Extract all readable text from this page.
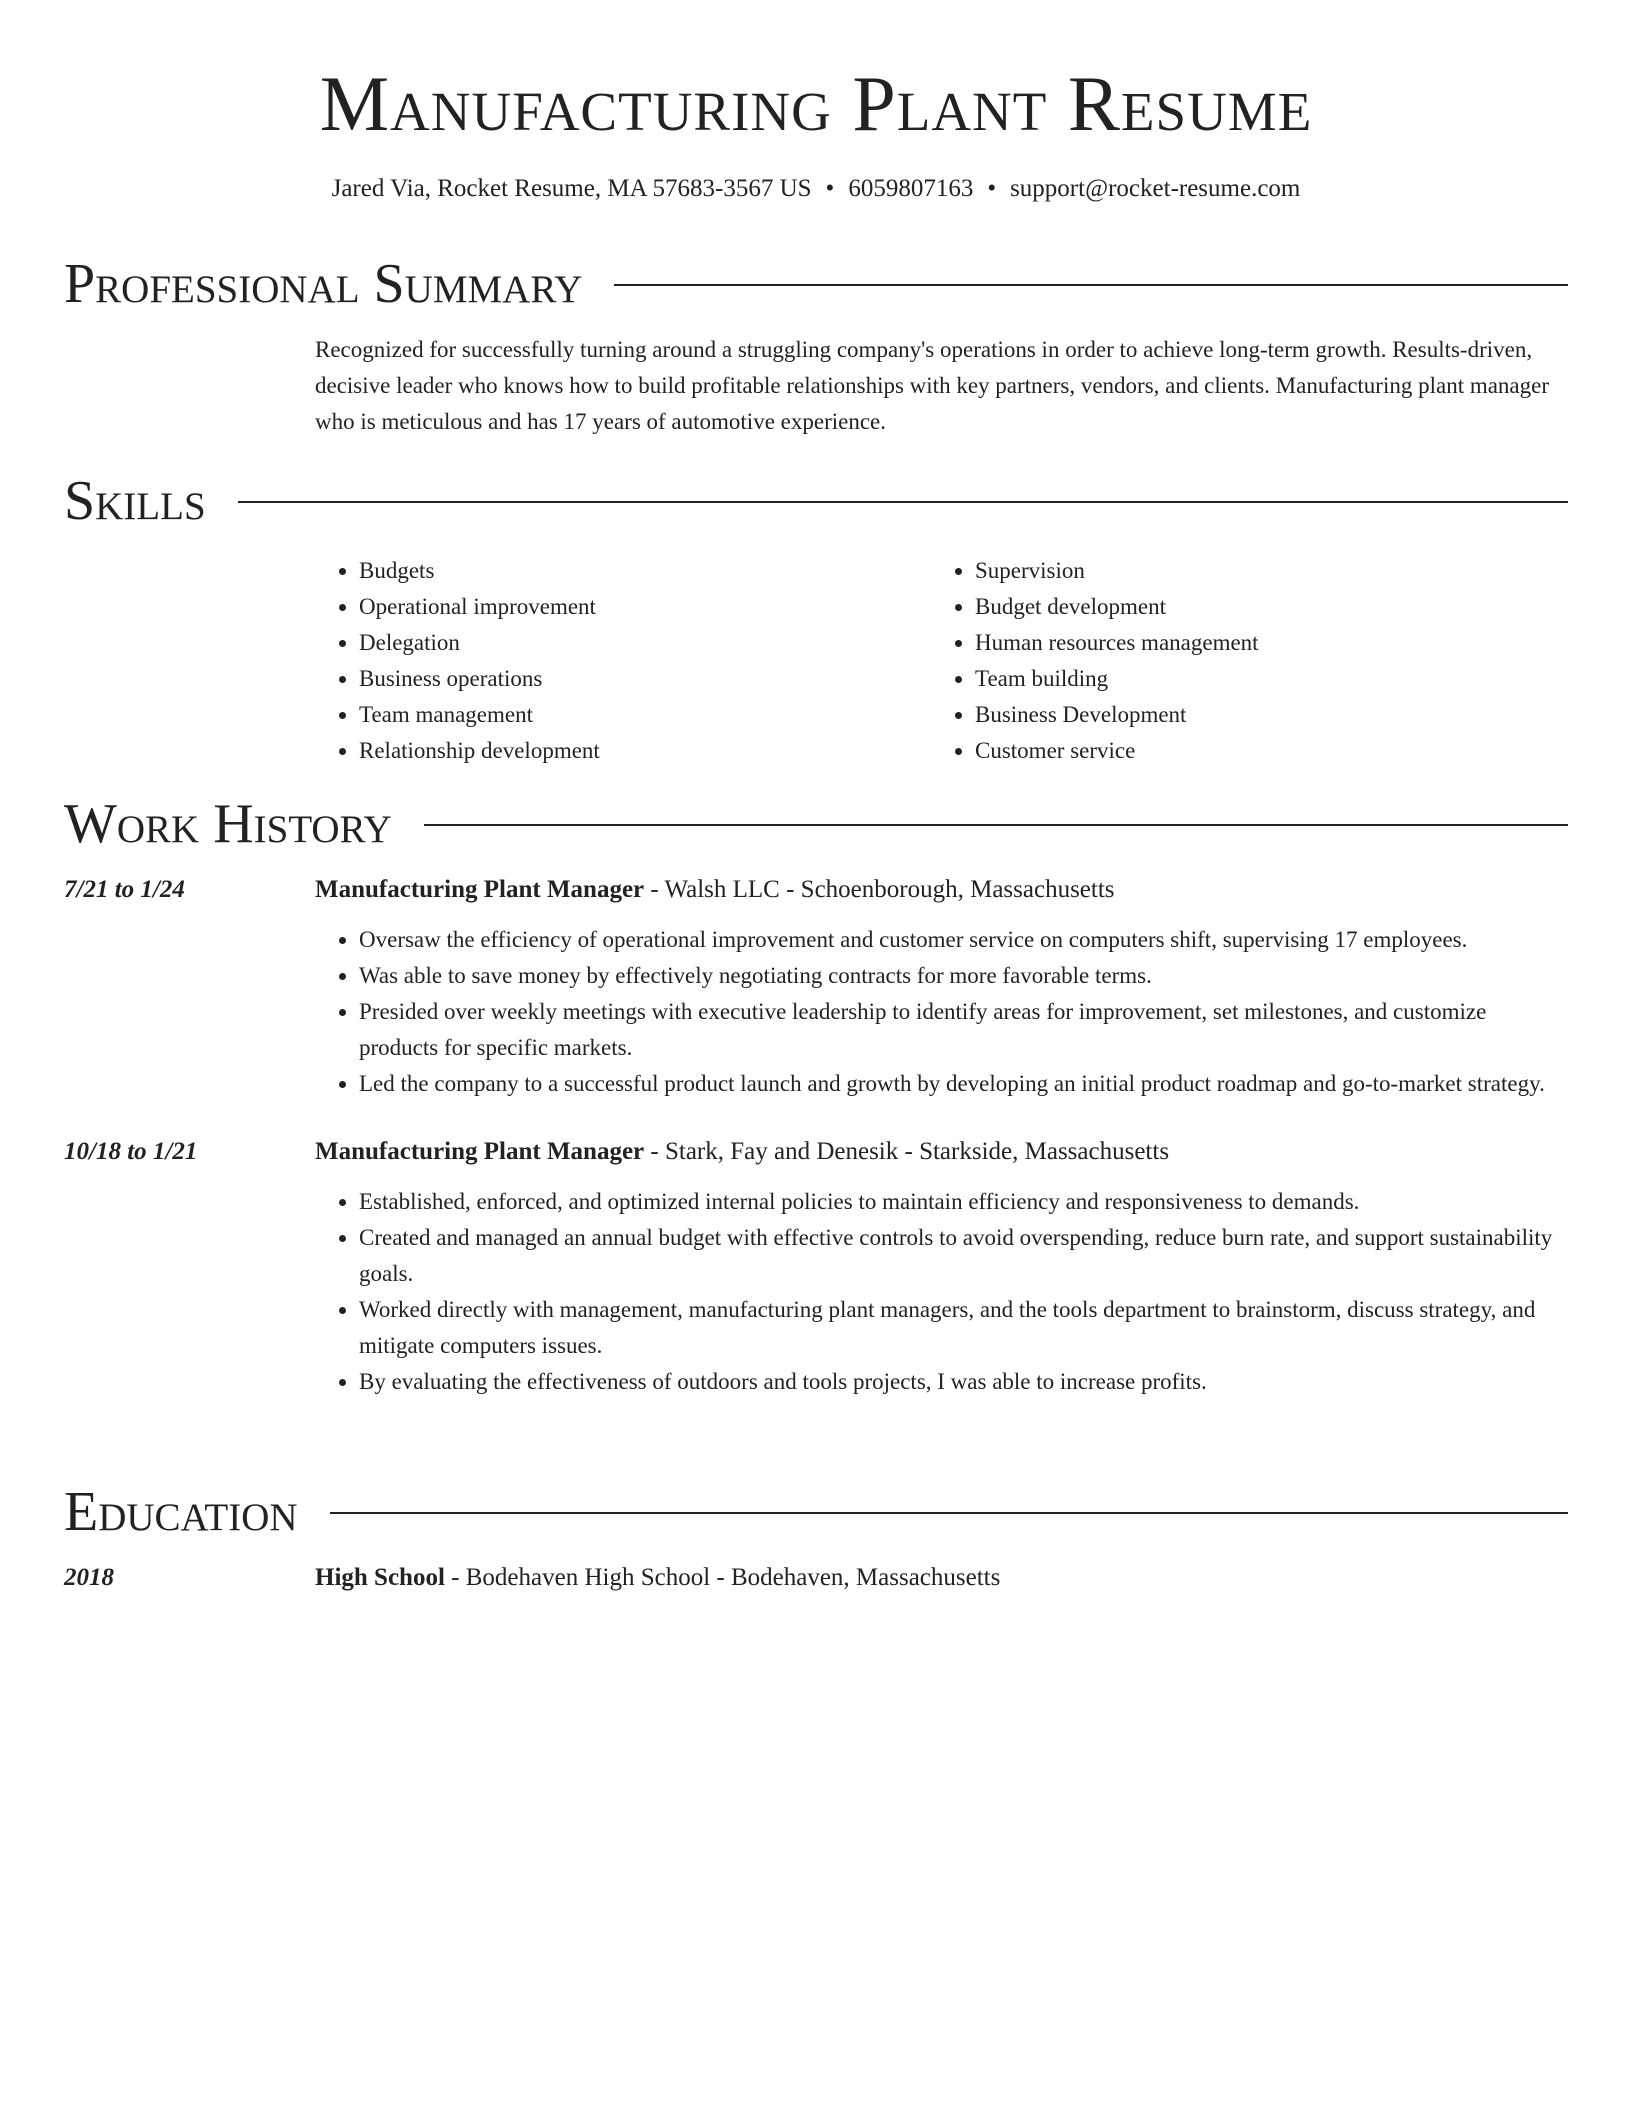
Manufacturing Plant Resume
Jared Via, Rocket Resume, MA 57683-3567 US • 6059807163 • support@rocket-resume.com
Professional Summary

Recognized for successfully turning around a struggling company's operations in order to achieve long-term growth. Results-driven, decisive leader who knows how to build profitable relationships with key partners, vendors, and clients. Manufacturing plant manager who is meticulous and has 17 years of automotive experience.

Skills
• Budgets
• Operational improvement
• Delegation
• Business operations
• Team management
• Relationship development
• Supervision
• Budget development
• Human resources management
• Team building
• Business Development
• Customer service
Work History
7/21 to 1/24	Manufacturing Plant Manager - Walsh LLC - Schoenborough, Massachusetts
• Oversaw the efficiency of operational improvement and customer service on computers shift, supervising 17 employees.
• Was able to save money by effectively negotiating contracts for more favorable terms.
• Presided over weekly meetings with executive leadership to identify areas for improvement, set milestones, and customize products for specific markets.
• Led the company to a successful product launch and growth by developing an initial product roadmap and go-to-market strategy.
10/18 to 1/21	Manufacturing Plant Manager - Stark, Fay and Denesik - Starkside, Massachusetts
• Established, enforced, and optimized internal policies to maintain efficiency and responsiveness to demands.
• Created and managed an annual budget with effective controls to avoid overspending, reduce burn rate, and support sustainability goals.
• Worked directly with management, manufacturing plant managers, and the tools department to brainstorm, discuss strategy, and mitigate computers issues.
• By evaluating the effectiveness of outdoors and tools projects, I was able to increase profits.
Education
2018	High School - Bodehaven High School - Bodehaven, Massachusetts
